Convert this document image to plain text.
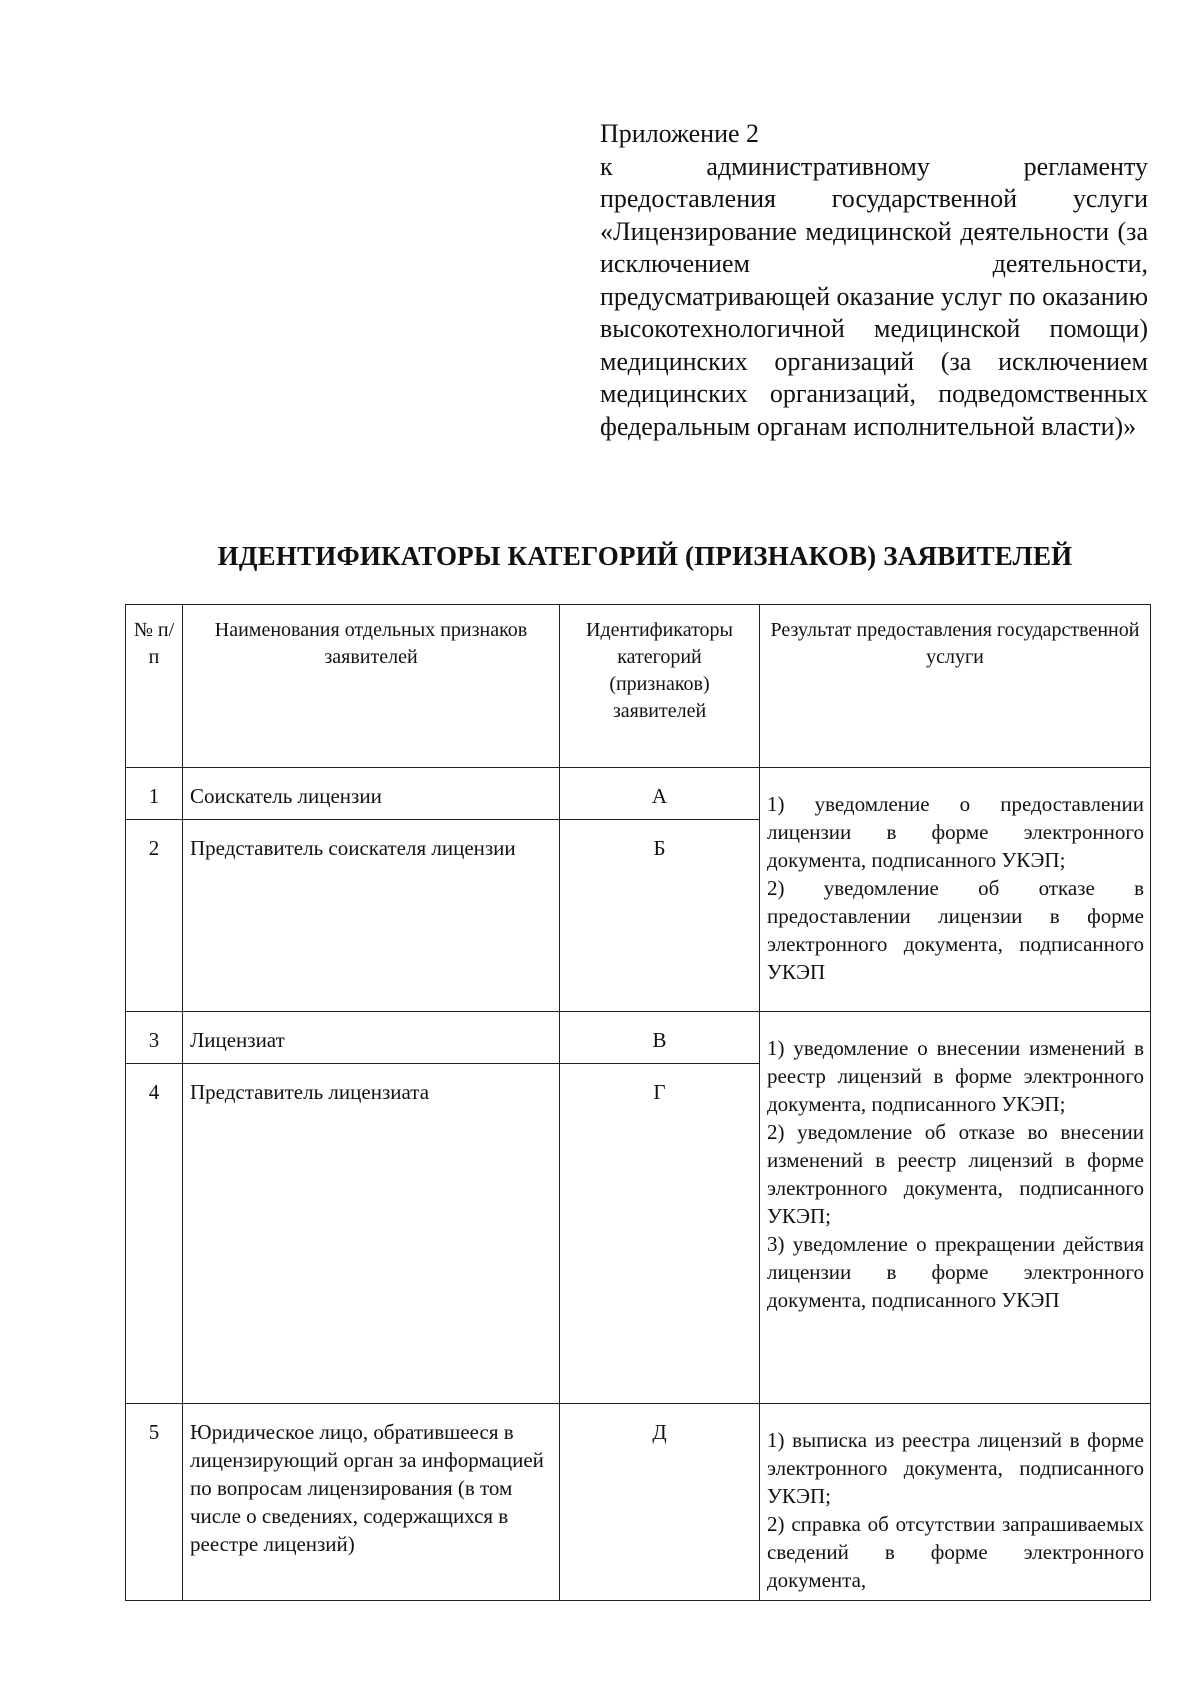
Приложение 2
к административному регламенту предоставления государственной услуги «Лицензирование медицинской деятельности (за исключением деятельности, предусматривающей оказание услуг по оказанию высокотехнологичной медицинской помощи) медицинских организаций (за исключением медицинских организаций, подведомственных федеральным органам исполнительной власти)»
ИДЕНТИФИКАТОРЫ КАТЕГОРИЙ (ПРИЗНАКОВ) ЗАЯВИТЕЛЕЙ
№ п/п	Наименования отдельных признаков заявителей	Идентификаторы категорий (признаков) заявителей	Результат предоставления государственной услуги
1	Соискатель лицензии	А	1) уведомление о предоставлении лицензии в форме электронного документа, подписанного УКЭП;
2) уведомление об отказе в предоставлении лицензии в форме электронного документа, подписанного УКЭП

2	Представитель соискателя лицензии	Б	
3	Лицензиат	В	1) уведомление о внесении изменений в реестр лицензий в форме электронного документа, подписанного УКЭП;
2) уведомление об отказе во внесении изменений в реестр лицензий в форме электронного документа, подписанного УКЭП;
3) уведомление о прекращении действия лицензии в форме электронного документа, подписанного УКЭП

4	Представитель лицензиата	Г	
5	Юридическое лицо, обратившееся в лицензирующий орган за информацией по вопросам лицензирования (в том числе о сведениях, содержащихся в реестре лицензий)	Д	1) выписка из реестра лицензий в форме электронного документа, подписанного УКЭП;
2) справка об отсутствии запрашиваемых сведений в форме электронного документа,
